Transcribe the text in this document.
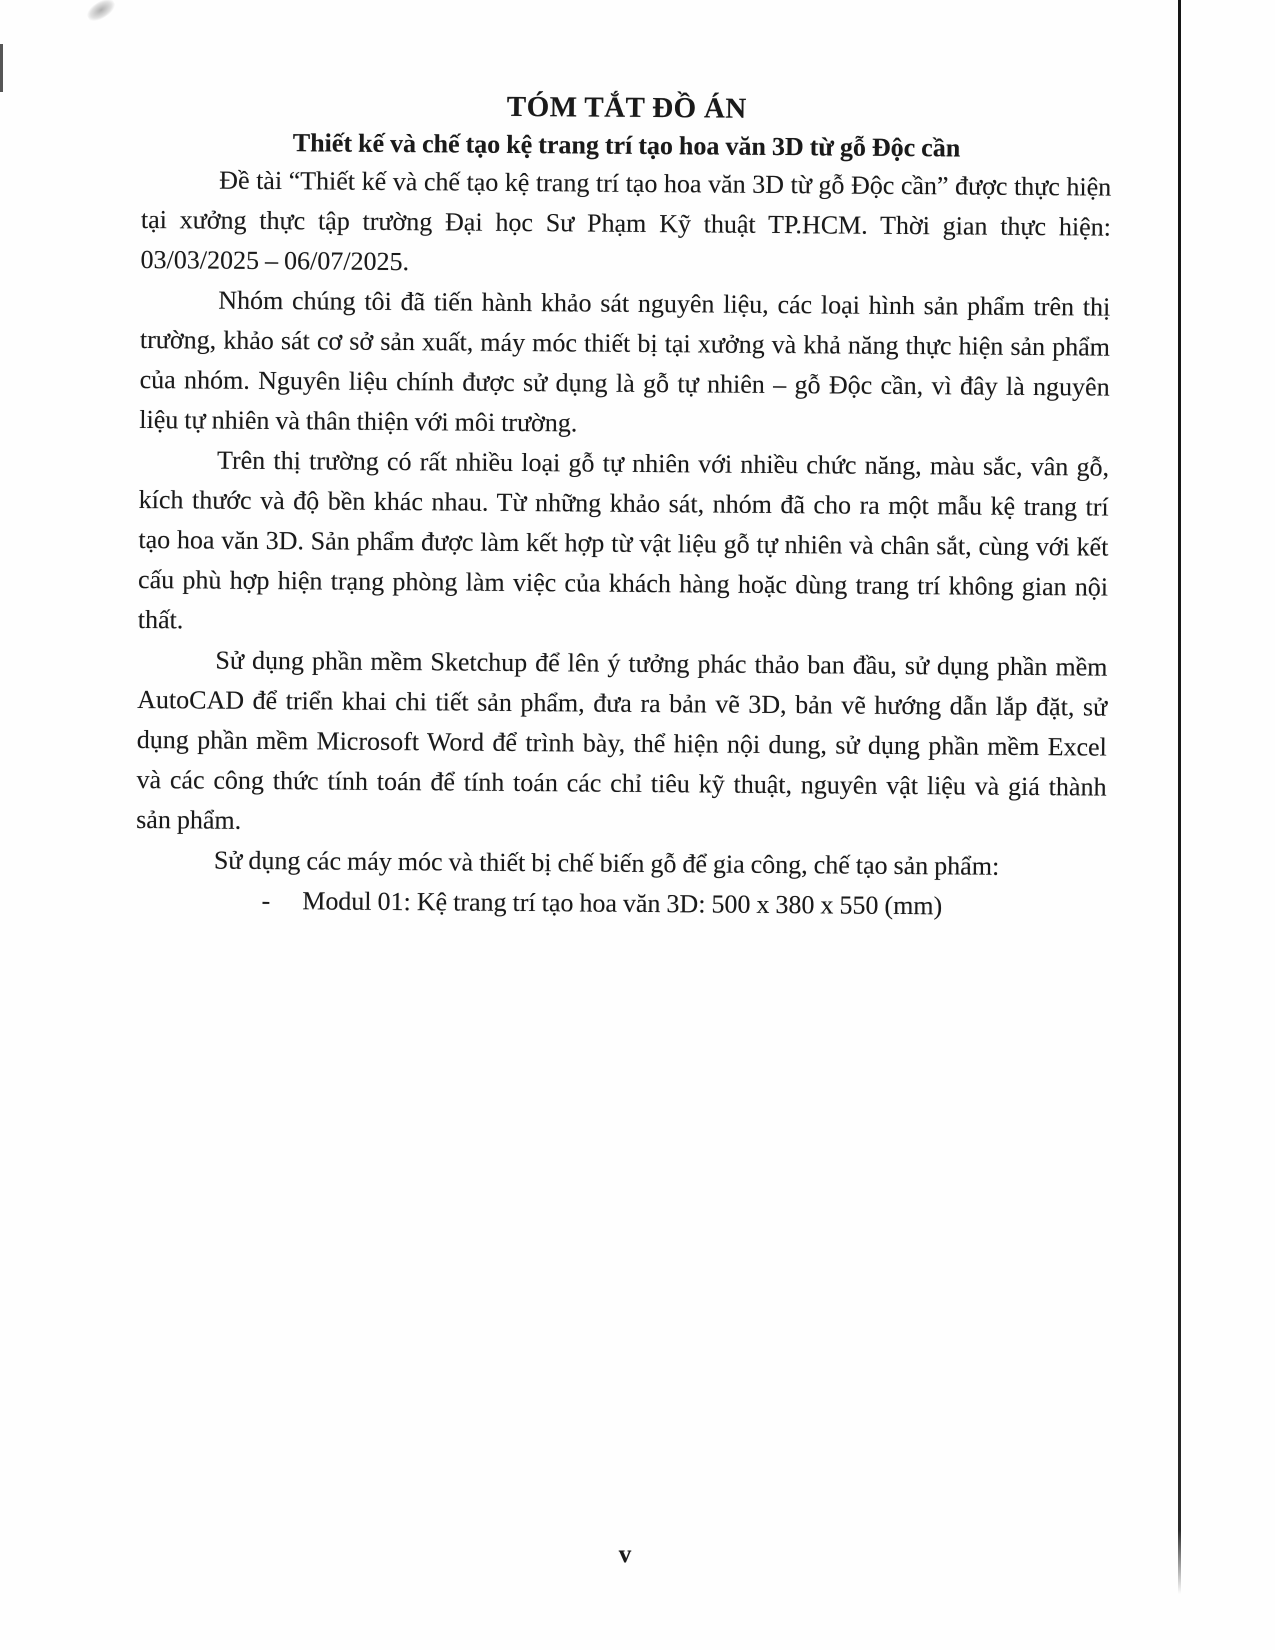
TÓM TẮT ĐỒ ÁN
Thiết kế và chế tạo kệ trang trí tạo hoa văn 3D từ gỗ Độc cần

Đề tài “Thiết kế và chế tạo kệ trang trí tạo hoa văn 3D từ gỗ Độc cần” được thực hiện
tại xưởng thực tập trường Đại học Sư Phạm Kỹ thuật TP.HCM. Thời gian thực hiện:
03/03/2025 – 06/07/2025.

Nhóm chúng tôi đã tiến hành khảo sát nguyên liệu, các loại hình sản phẩm trên thị
trường, khảo sát cơ sở sản xuất, máy móc thiết bị tại xưởng và khả năng thực hiện sản phẩm
của nhóm. Nguyên liệu chính được sử dụng là gỗ tự nhiên – gỗ Độc cần, vì đây là nguyên
liệu tự nhiên và thân thiện với môi trường.

Trên thị trường có rất nhiều loại gỗ tự nhiên với nhiều chức năng, màu sắc, vân gỗ,
kích thước và độ bền khác nhau. Từ những khảo sát, nhóm đã cho ra một mẫu kệ trang trí
tạo hoa văn 3D. Sản phẩm được làm kết hợp từ vật liệu gỗ tự nhiên và chân sắt, cùng với kết
cấu phù hợp hiện trạng phòng làm việc của khách hàng hoặc dùng trang trí không gian nội
thất.

Sử dụng phần mềm Sketchup để lên ý tưởng phác thảo ban đầu, sử dụng phần mềm
AutoCAD để triển khai chi tiết sản phẩm, đưa ra bản vẽ 3D, bản vẽ hướng dẫn lắp đặt, sử
dụng phần mềm Microsoft Word để trình bày, thể hiện nội dung, sử dụng phần mềm Excel
và các công thức tính toán để tính toán các chỉ tiêu kỹ thuật, nguyên vật liệu và giá thành
sản phẩm.

Sử dụng các máy móc và thiết bị chế biến gỗ để gia công, chế tạo sản phẩm:

- Modul 01: Kệ trang trí tạo hoa văn 3D: 500 x 380 x 550 (mm)
v
